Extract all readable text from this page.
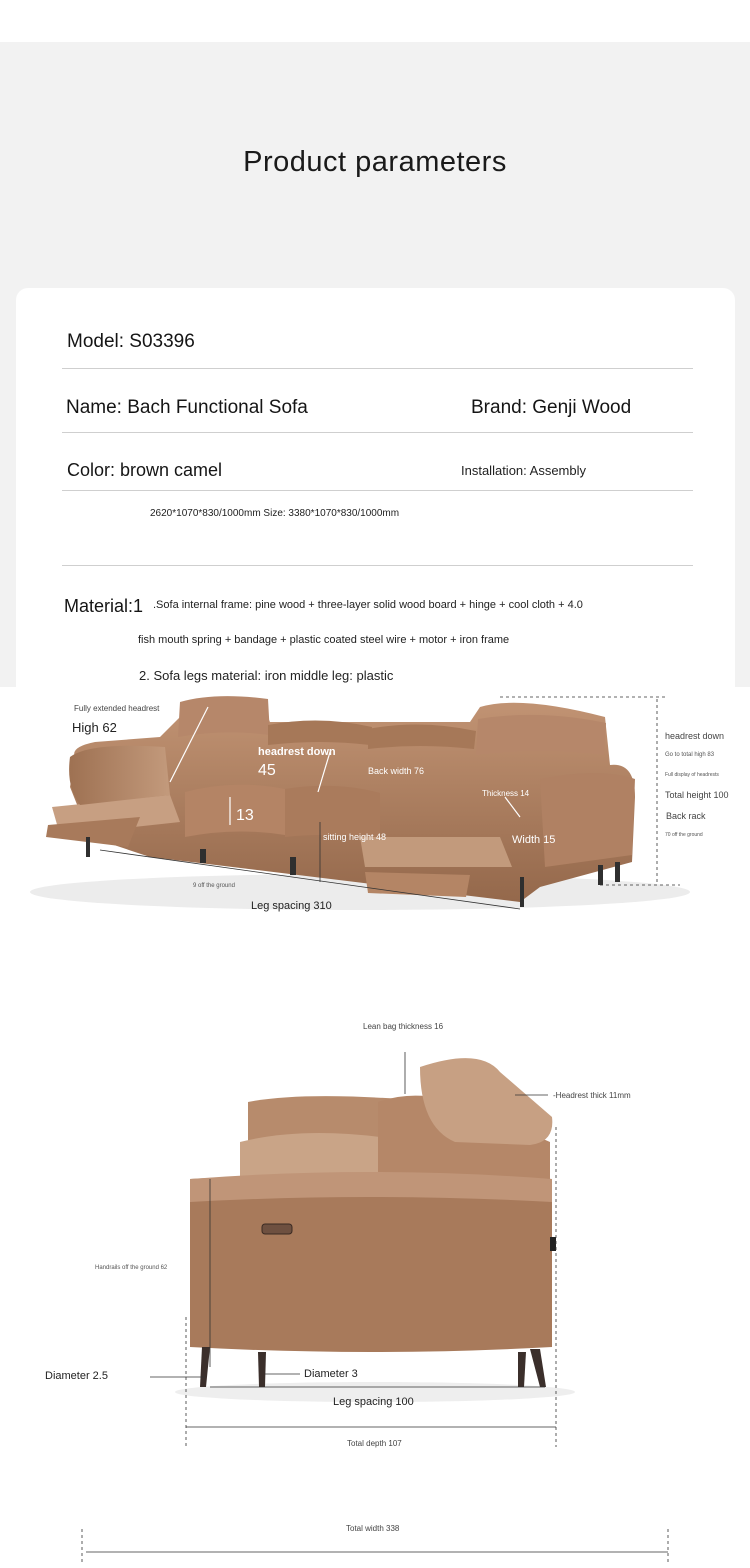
Product parameters
Model: S03396
Name: Bach Functional Sofa	Brand: Genji Wood
Color: brown camel	Installation: Assembly
2620*1070*830/1000mm Size: 3380*1070*830/1000mm
Material:1 .Sofa internal frame: pine wood + three-layer solid wood board + hinge + cool cloth + 4.0
fish mouth spring + bandage + plastic coated steel wire + motor + iron frame
2. Sofa legs material: iron middle leg: plastic
Fully extended headrest
High 62
headrest down
45	Back width 76
13
Thickness 14
Width 15
sitting height 48
9 off the ground
Leg spacing 310
headrest down
Go to total high 83
Full display of headrests
Total height 100
Back rack
70 off the ground
Lean bag thickness 16
-Headrest thick 11mm
Handrails off the ground 62
Diameter 2.5	Diameter 3
Leg spacing 100
Total depth 107
Total width 338
